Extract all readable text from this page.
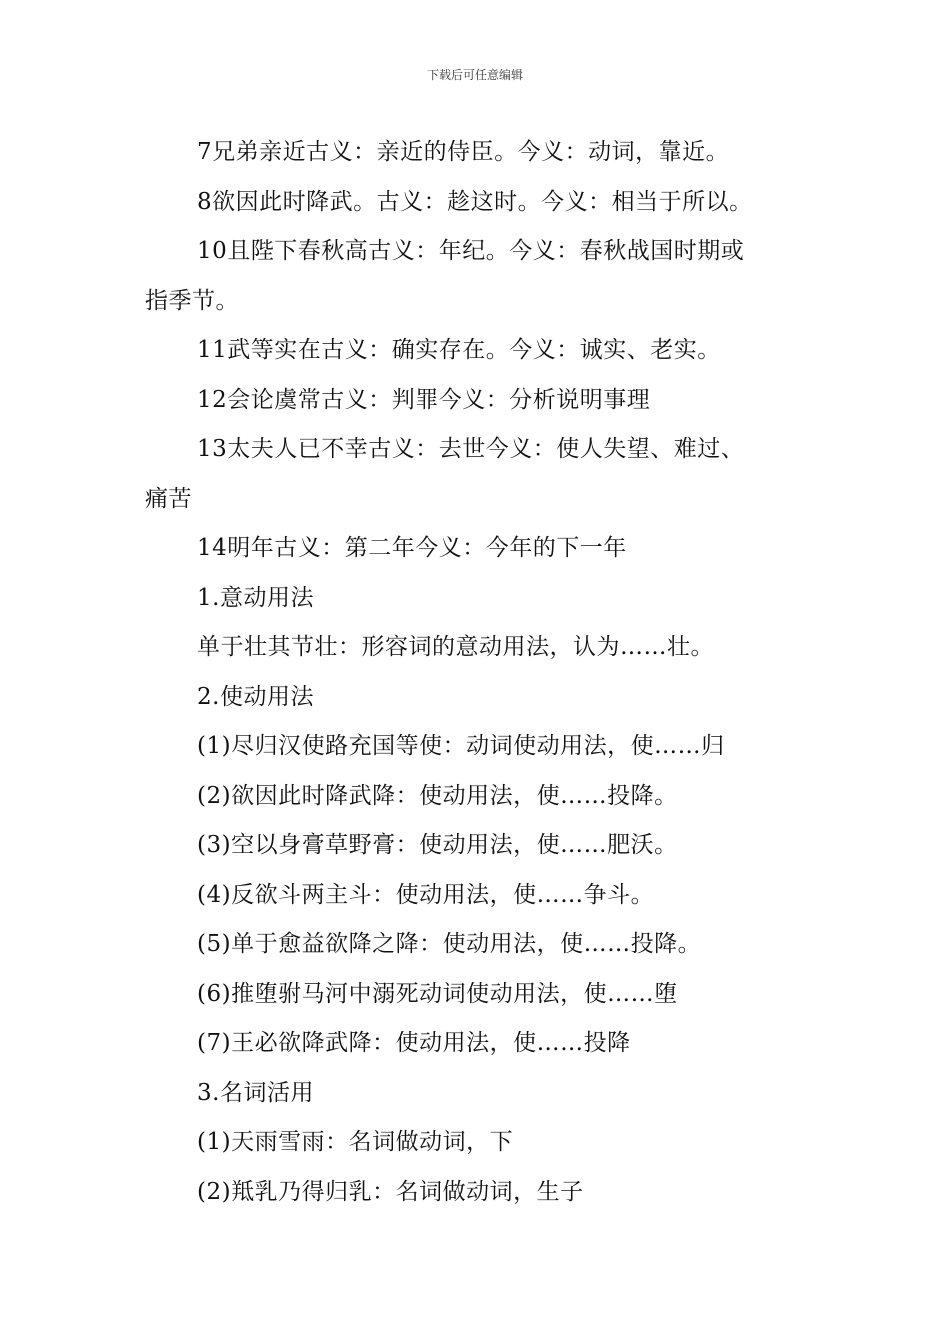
下载后可任意编辑
7兄弟亲近古义：亲近的侍臣。今义：动词，靠近。
8欲因此时降武。古义：趁这时。今义：相当于所以。
10且陛下春秋高古义：年纪。今义：春秋战国时期或
指季节。
11武等实在古义：确实存在。今义：诚实、老实。
12会论虞常古义：判罪今义：分析说明事理
13太夫人已不幸古义：去世今义：使人失望、难过、
痛苦
14明年古义：第二年今义：今年的下一年
1.意动用法
单于壮其节壮：形容词的意动用法，认为……壮。
2.使动用法
(1)尽归汉使路充国等使：动词使动用法，使……归
(2)欲因此时降武降：使动用法，使……投降。
(3)空以身膏草野膏：使动用法，使……肥沃。
(4)反欲斗两主斗：使动用法，使……争斗。
(5)单于愈益欲降之降：使动用法，使……投降。
(6)推堕驸马河中溺死动词使动用法，使……堕
(7)王必欲降武降：使动用法，使……投降
3.名词活用
(1)天雨雪雨：名词做动词，下
(2)羝乳乃得归乳：名词做动词，生子
